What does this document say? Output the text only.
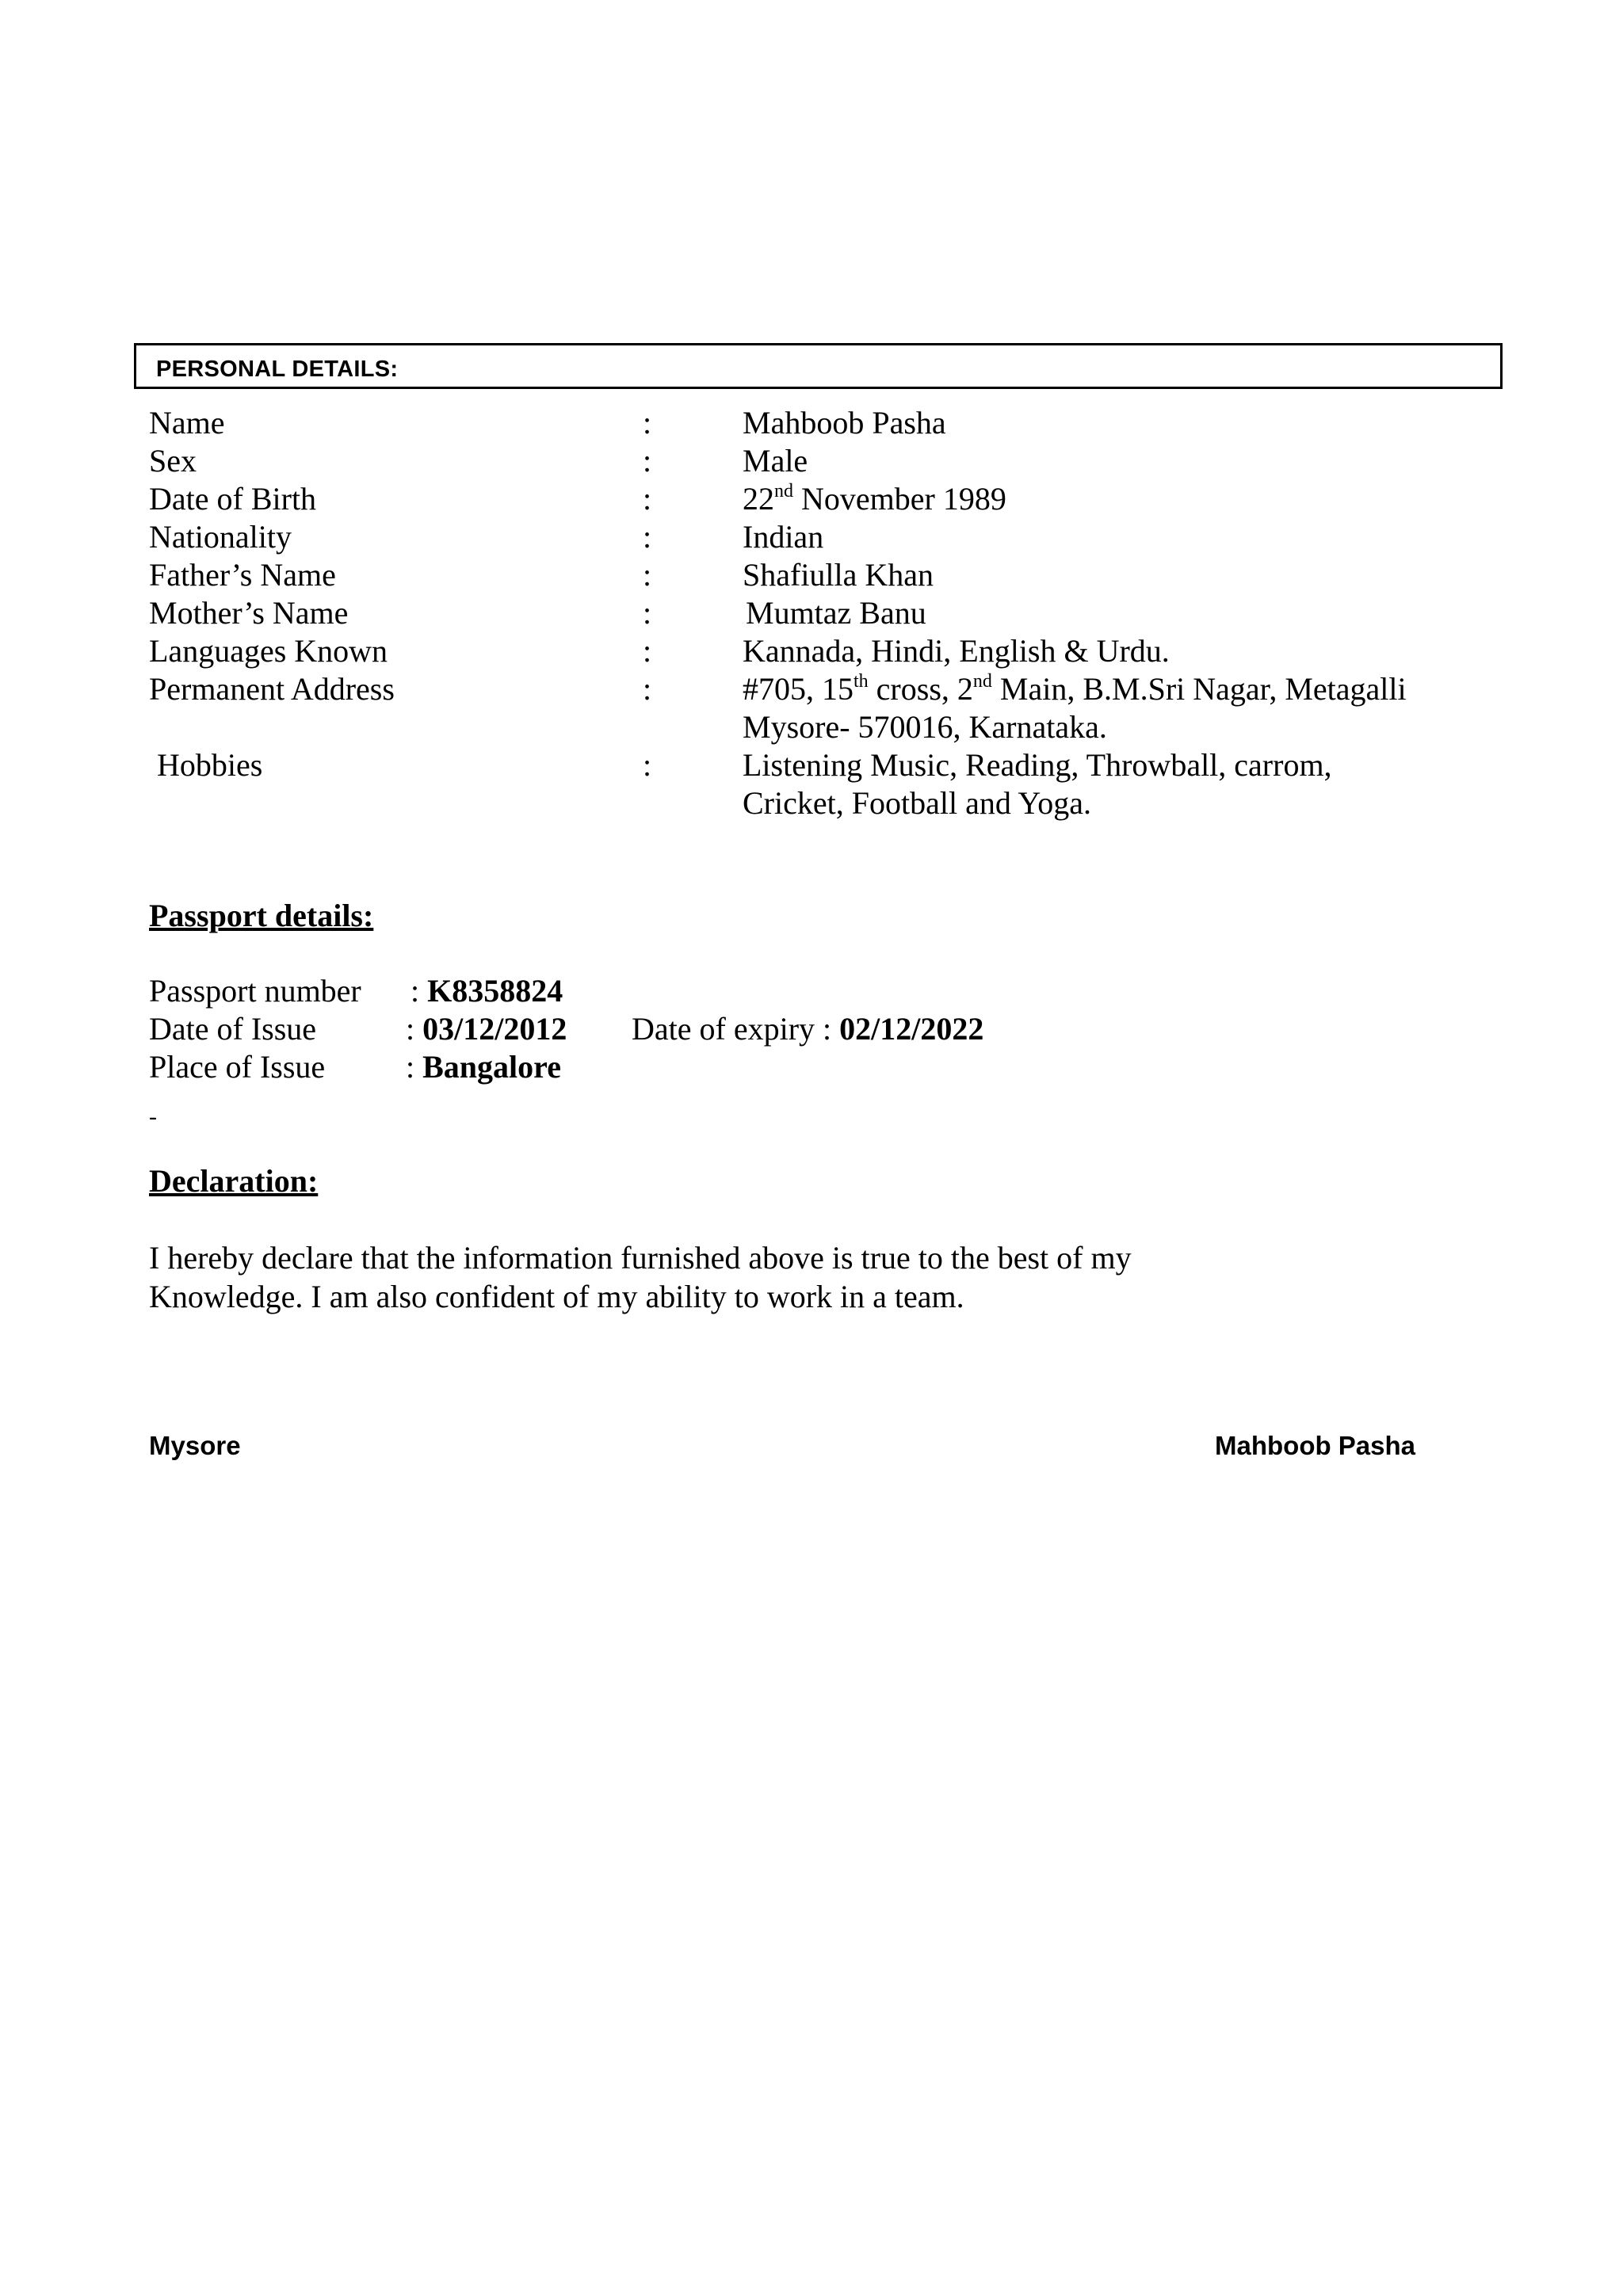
PERSONAL DETAILS:
Name	:	Mahboob Pasha
Sex	:	Male
Date of Birth	:	22nd November 1989
Nationality	:	Indian
Father’s Name	:	Shafiulla Khan
Mother’s Name	:	Mumtaz Banu
Languages Known	:	Kannada, Hindi, English & Urdu.
Permanent Address	:	#705, 15th cross, 2nd Main, B.M.Sri Nagar, Metagalli
Mysore- 570016, Karnataka.
Hobbies	:	Listening Music, Reading, Throwball, carrom,
Cricket, Football and Yoga.
Passport details:
Passport number : K8358824
Date of Issue	: 03/12/2012 Date of expiry : 02/12/2022
Place of Issue	: Bangalore
-
Declaration:
I hereby declare that the information furnished above is true to the best of my
Knowledge. I am also confident of my ability to work in a team.
Mysore	Mahboob Pasha
